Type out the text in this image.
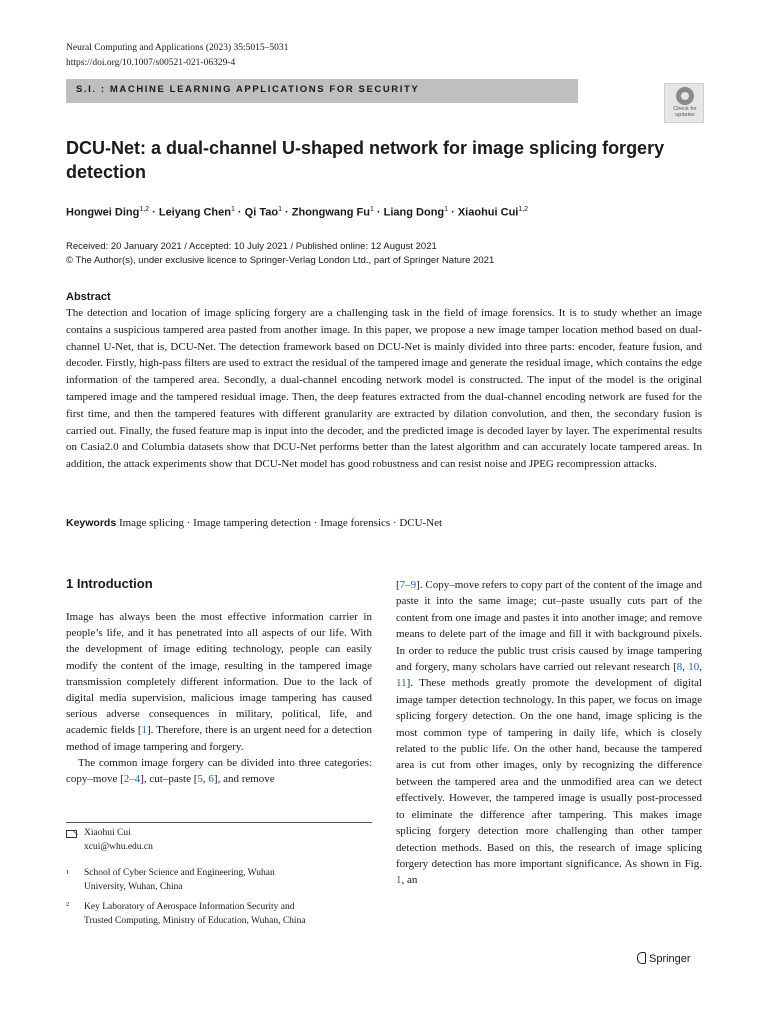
Neural Computing and Applications (2023) 35:5015–5031
https://doi.org/10.1007/s00521-021-06329-4
S.I. : MACHINE LEARNING APPLICATIONS FOR SECURITY
Check for
updates
DCU-Net: a dual-channel U-shaped network for image splicing forgery detection
Hongwei Ding$^{1,2}$ · Leiyang Chen$^1$ · Qi Tao$^1$ · Zhongwang $Fu^1$ · Liang Dong$^1$ · Xiaohui Cui$^{1,2}$
Received: 20 January 2021 / Accepted: 10 July 2021 / Published online: 12 August 2021
© The Author(s), under exclusive licence to Springer-Verlag London Ltd., part of Springer Nature 2021
Abstract
The detection and location of image splicing forgery are a challenging task in the field of image forensics. It is to study whether an image contains a suspicious tampered area pasted from another image. In this paper, we propose a new image tamper location method based on dual-channel U-Net, that is, DCU-Net. The detection framework based on DCU-Net is mainly divided into three parts: encoder, feature fusion, and decoder. Firstly, high-pass filters are used to extract the residual of the tampered image and generate the residual image, which contains the edge information of the tampered area. Secondly, a dual-channel encoding network model is constructed. The input of the model is the original tampered image and the tampered residual image. Then, the deep features extracted from the dual-channel encoding network are fused for the first time, and then the tampered features with different granularity are extracted by dilation convolution, and then, the secondary fusion is carried out. Finally, the fused feature map is input into the decoder, and the predicted image is decoded layer by layer. The experimental results on Casia2.0 and Columbia datasets show that DCU-Net performs better than the latest algorithm and can accurately locate tampered areas. In addition, the attack experiments show that DCU-Net model has good robustness and can resist noise and JPEG recompression attacks.
Keywords Image splicing · Image tampering detection · Image forensics · DCU-Net
1 Introduction

Image has always been the most effective information carrier in people’s life, and it has penetrated into all aspects of our life. With the development of image editing technology, people can easily modify the content of the image, resulting in the tampered image transmission completely different information. Due to the lack of digital media supervision, malicious image tampering has caused serious adverse consequences in military, political, life, and academic fields [1]. Therefore, there is an urgent need for a detection method of image tampering and forgery.

The common image forgery can be divided into three categories: copy–move [2–4], cut–paste [5, 6], and remove

[7–9]. Copy–move refers to copy part of the content of the image and paste it into the same image; cut–paste usually cuts part of the content from one image and pastes it into another image; and remove means to delete part of the image and fill it with background pixels. In order to reduce the public trust crisis caused by image tampering and forgery, many scholars have carried out relevant research [8, 10, 11]. These methods greatly promote the development of digital image tamper detection technology. In this paper, we focus on image splicing forgery detection. On the one hand, image splicing is the most common type of tampering in daily life, which is closely related to the public life. On the other hand, because the tampered area is cut from other images, only by recognizing the difference between the tampered area and the unmodified area can we detect effectively. However, the tampered image is usually post-processed to eliminate the difference after tampering. This makes image splicing forgery detection more challenging than other tamper detection methods. Based on this, the research of image splicing forgery detection has more important significance. As shown in Fig. 1, an

Xiaohui Cui
xcui@whu.edu.cn
1 School of Cyber Science and Engineering, Wuhan
University, Wuhan, China
2 Key Laboratory of Aerospace Information Security and
Trusted Computing, Ministry of Education, Wuhan, China
Springer
